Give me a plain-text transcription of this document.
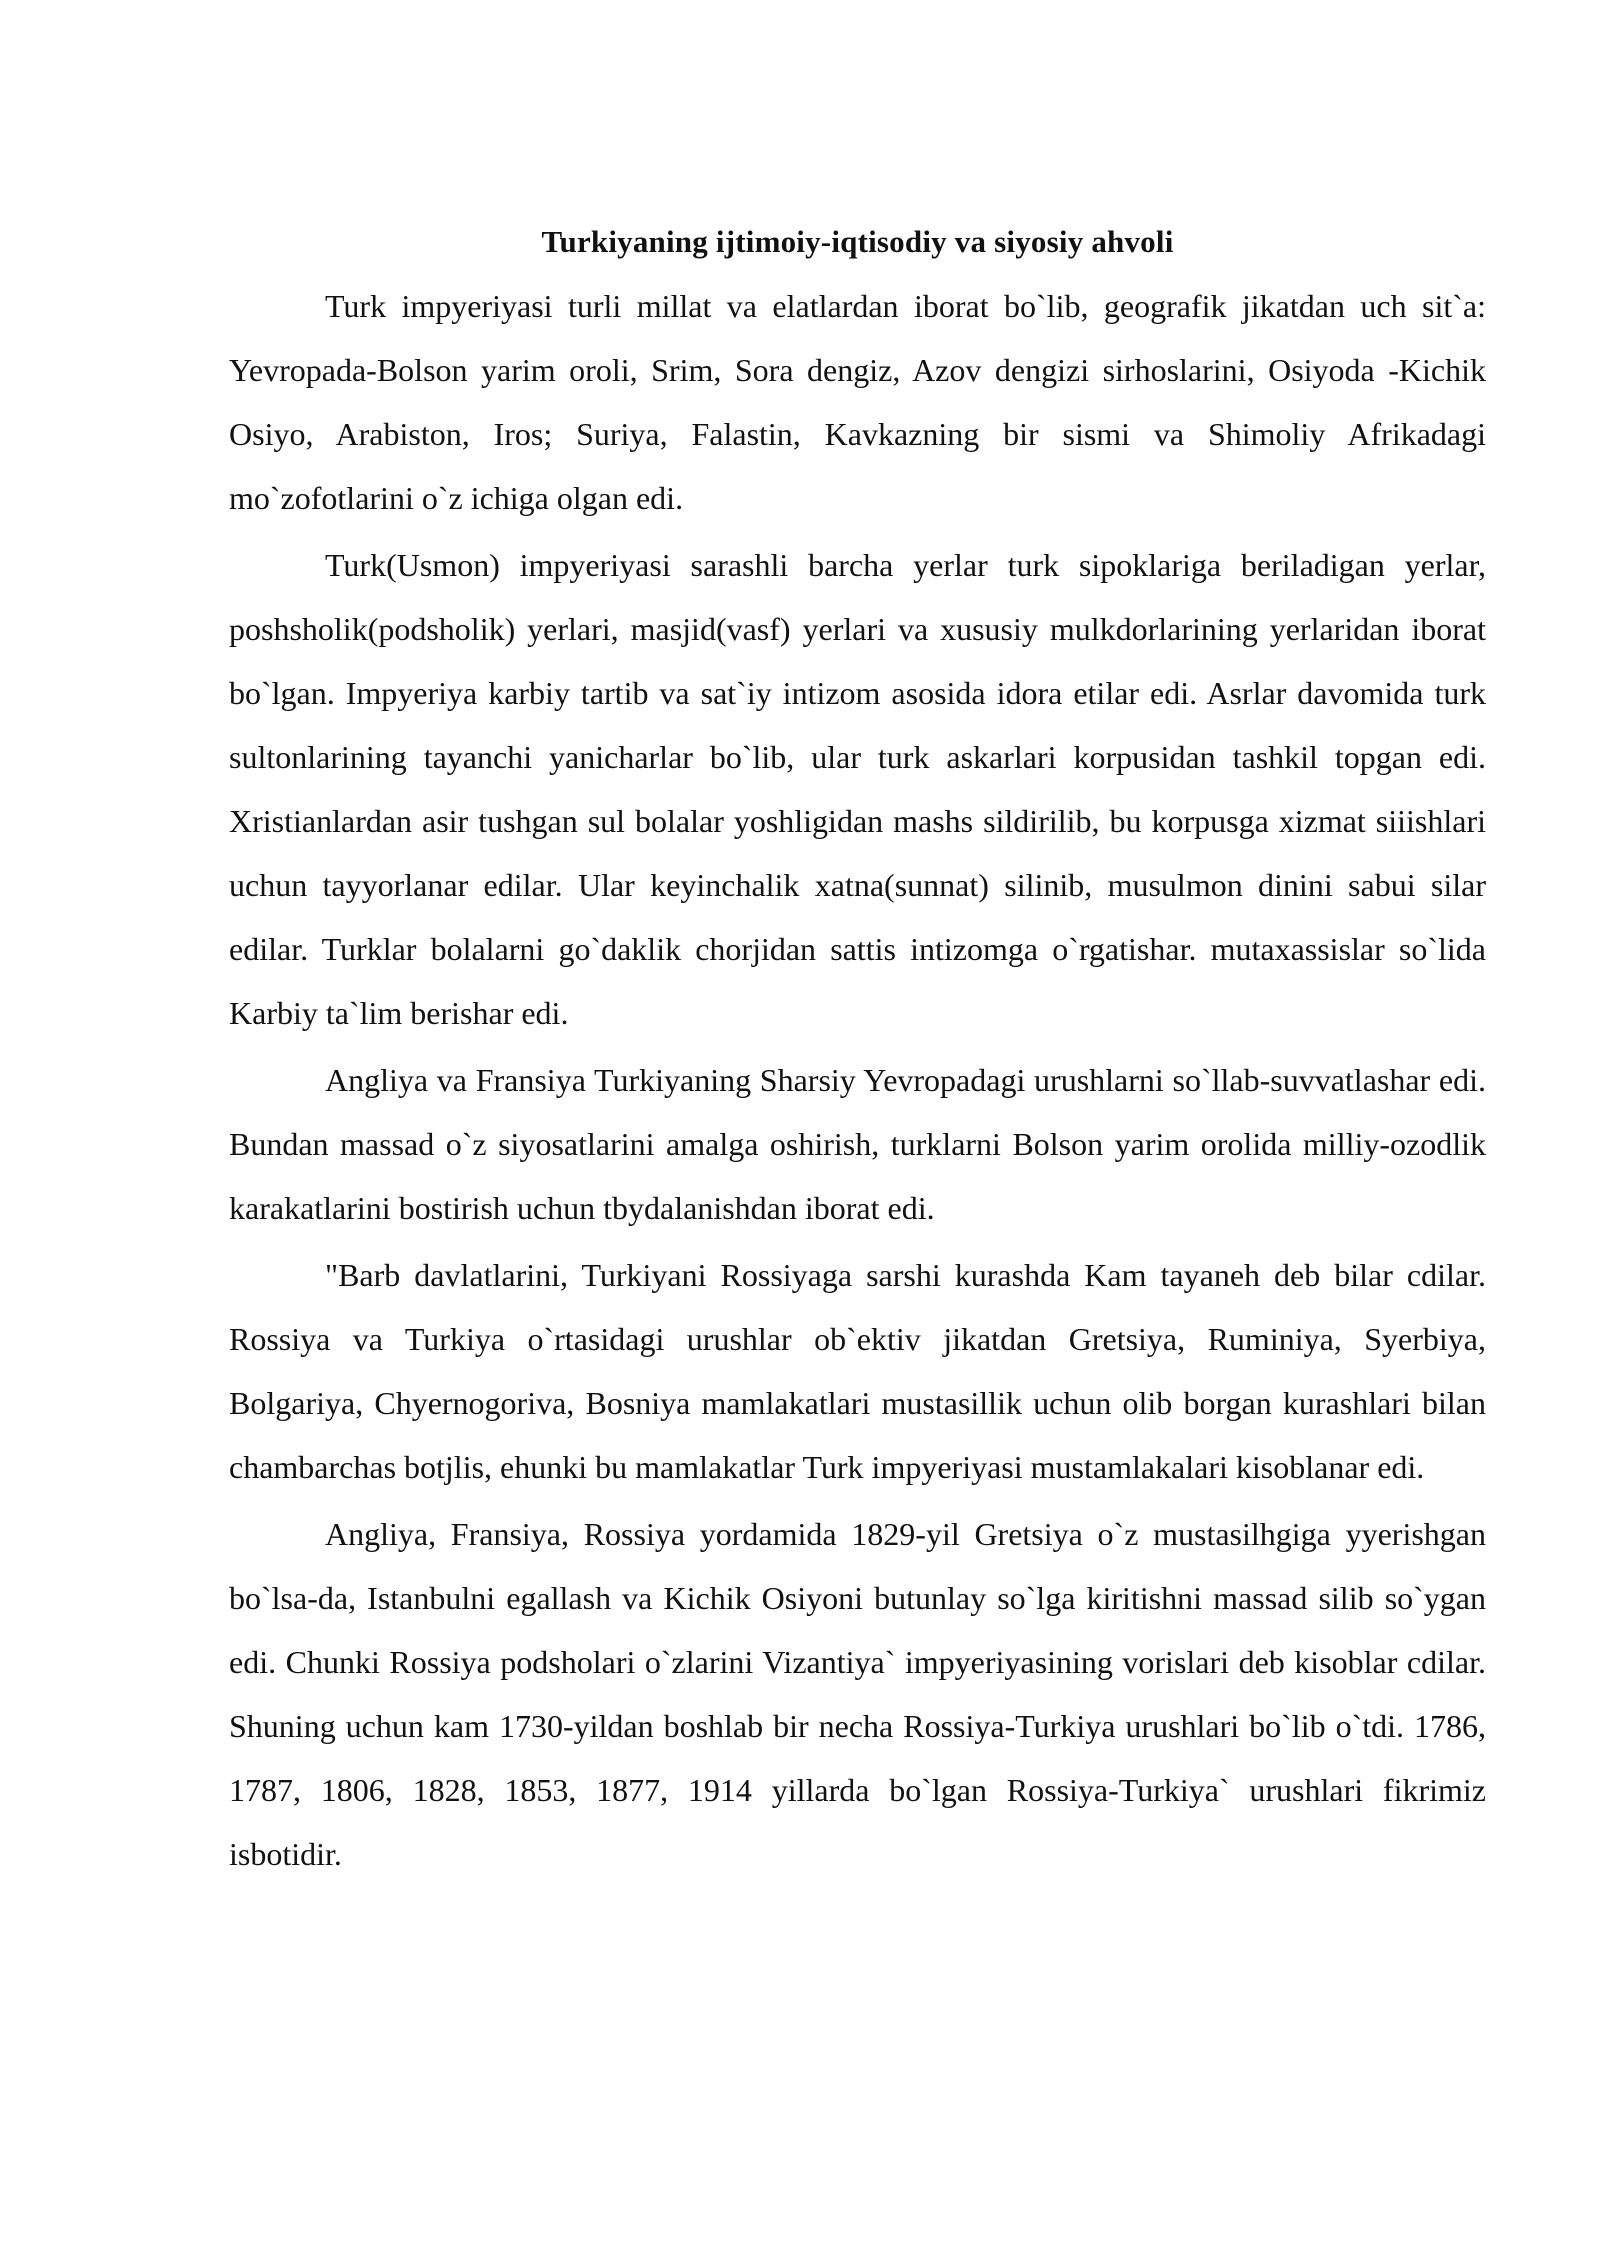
Turkiyaning ijtimoiy-iqtisodiy va siyosiy ahvoli

Turk impyeriyasi turli millat va elatlardan iborat bo`lib, geografik jikatdan uch sit`a: Yevropada-Bolson yarim oroli, Srim, Sora dengiz, Azov dengizi sirhoslarini, Osiyoda -Kichik Osiyo, Arabiston, Iros; Suriya, Falastin, Kavkazning bir sismi va Shimoliy Afrikadagi mo`zofotlarini o`z ichiga olgan edi.

Turk(Usmon) impyeriyasi sarashli barcha yerlar turk sipoklariga beriladigan yerlar, poshsholik(podsholik) yerlari, masjid(vasf) yerlari va xususiy mulkdorlarining yerlaridan iborat bo`lgan. Impyeriya karbiy tartib va sat`iy intizom asosida idora etilar edi. Asrlar davomida turk sultonlarining tayanchi yanicharlar bo`lib, ular turk askarlari korpusidan tashkil topgan edi. Xristianlardan asir tushgan sul bolalar yoshligidan mashs sildirilib, bu korpusga xizmat siiishlari uchun tayyorlanar edilar. Ular keyinchalik xatna(sunnat) silinib, musulmon dinini sabui silar edilar. Turklar bolalarni go`daklik chorjidan sattis intizomga o`rgatishar. mutaxassislar so`lida Karbiy ta`lim berishar edi.

Angliya va Fransiya Turkiyaning Sharsiy Yevropadagi urushlarni so`llab-suvvatlashar edi. Bundan massad o`z siyosatlarini amalga oshirish, turklarni Bolson yarim orolida milliy-ozodlik karakatlarini bostirish uchun tbydalanishdan iborat edi.

"Barb davlatlarini, Turkiyani Rossiyaga sarshi kurashda Kam tayaneh deb bilar cdilar. Rossiya va Turkiya o`rtasidagi urushlar ob`ektiv jikatdan Gretsiya, Ruminiya, Syerbiya, Bolgariya, Chyernogoriva, Bosniya mamlakatlari mustasillik uchun olib borgan kurashlari bilan chambarchas botjlis, ehunki bu mamlakatlar Turk impyeriyasi mustamlakalari kisoblanar edi.

Angliya, Fransiya, Rossiya yordamida 1829-yil Gretsiya o`z mustasilhgiga yyerishgan bo`lsa-da, Istanbulni egallash va Kichik Osiyoni butunlay so`lga kiritishni massad silib so`ygan edi. Chunki Rossiya podsholari o`zlarini Vizantiya` impyeriyasining vorislari deb kisoblar cdilar. Shuning uchun kam 1730-yildan boshlab bir necha Rossiya-Turkiya urushlari bo`lib o`tdi. 1786, 1787, 1806, 1828, 1853, 1877, 1914 yillarda bo`lgan Rossiya-Turkiya` urushlari fikrimiz isbotidir.
